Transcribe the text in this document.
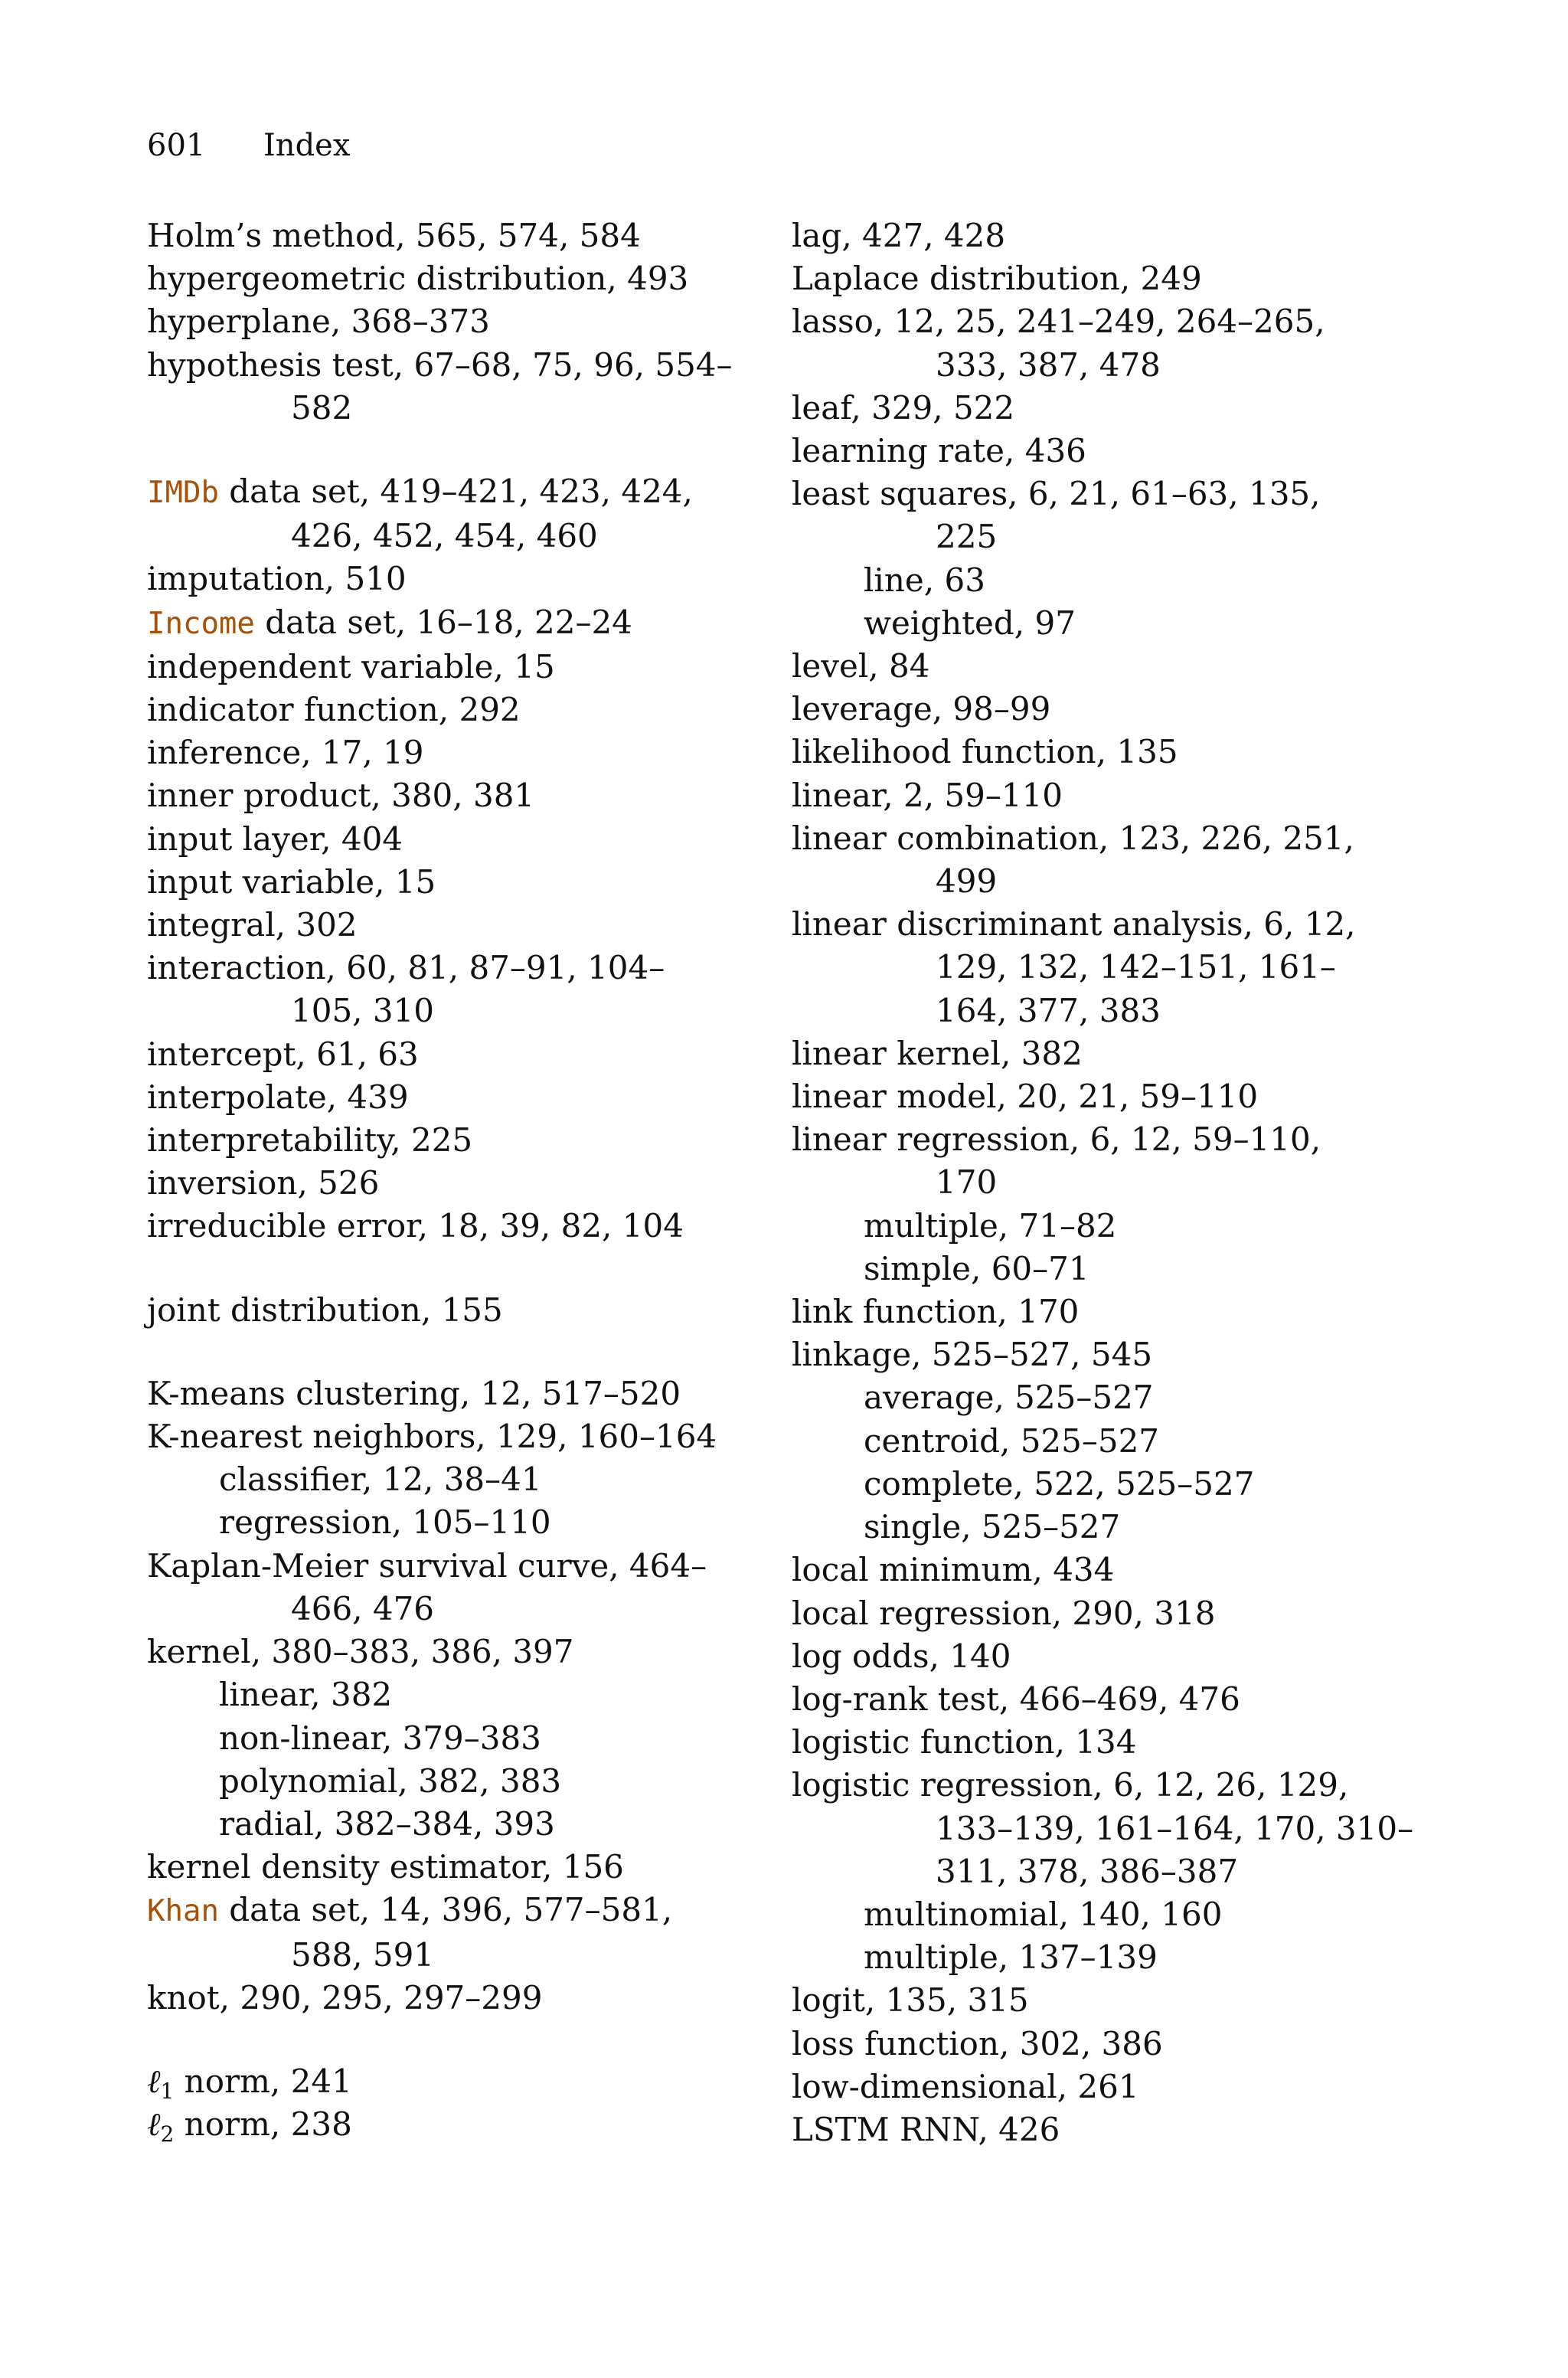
601 Index
Holm’s method, 565, 574, 584
hypergeometric distribution, 493
hyperplane, 368–373
hypothesis test, 67–68, 75, 96, 554–
582
IMDb data set, 419–421, 423, 424,
426, 452, 454, 460
imputation, 510
Income data set, 16–18, 22–24
independent variable, 15
indicator function, 292
inference, 17, 19
inner product, 380, 381
input layer, 404
input variable, 15
integral, 302
interaction, 60, 81, 87–91, 104–
105, 310
intercept, 61, 63
interpolate, 439
interpretability, 225
inversion, 526
irreducible error, 18, 39, 82, 104
joint distribution, 155
K-means clustering, 12, 517–520
K-nearest neighbors, 129, 160–164
classifier, 12, 38–41
regression, 105–110
Kaplan-Meier survival curve, 464–
466, 476
kernel, 380–383, 386, 397
linear, 382
non-linear, 379–383
polynomial, 382, 383
radial, 382–384, 393
kernel density estimator, 156
Khan data set, 14, 396, 577–581,
588, 591
knot, 290, 295, 297–299
ℓ$_1$ norm, 241
ℓ$_2$ norm, 238
lag, 427, 428
Laplace distribution, 249
lasso, 12, 25, 241–249, 264–265,
333, 387, 478
leaf, 329, 522
learning rate, 436
least squares, 6, 21, 61–63, 135,
225
line, 63
weighted, 97
level, 84
leverage, 98–99
likelihood function, 135
linear, 2, 59–110
linear combination, 123, 226, 251,
499
linear discriminant analysis, 6, 12,
129, 132, 142–151, 161–
164, 377, 383
linear kernel, 382
linear model, 20, 21, 59–110
linear regression, 6, 12, 59–110,
170
multiple, 71–82
simple, 60–71
link function, 170
linkage, 525–527, 545
average, 525–527
centroid, 525–527
complete, 522, 525–527
single, 525–527
local minimum, 434
local regression, 290, 318
log odds, 140
log-rank test, 466–469, 476
logistic function, 134
logistic regression, 6, 12, 26, 129,
133–139, 161–164, 170, 310–
311, 378, 386–387
multinomial, 140, 160
multiple, 137–139
logit, 135, 315
loss function, 302, 386
low-dimensional, 261
LSTM RNN, 426
